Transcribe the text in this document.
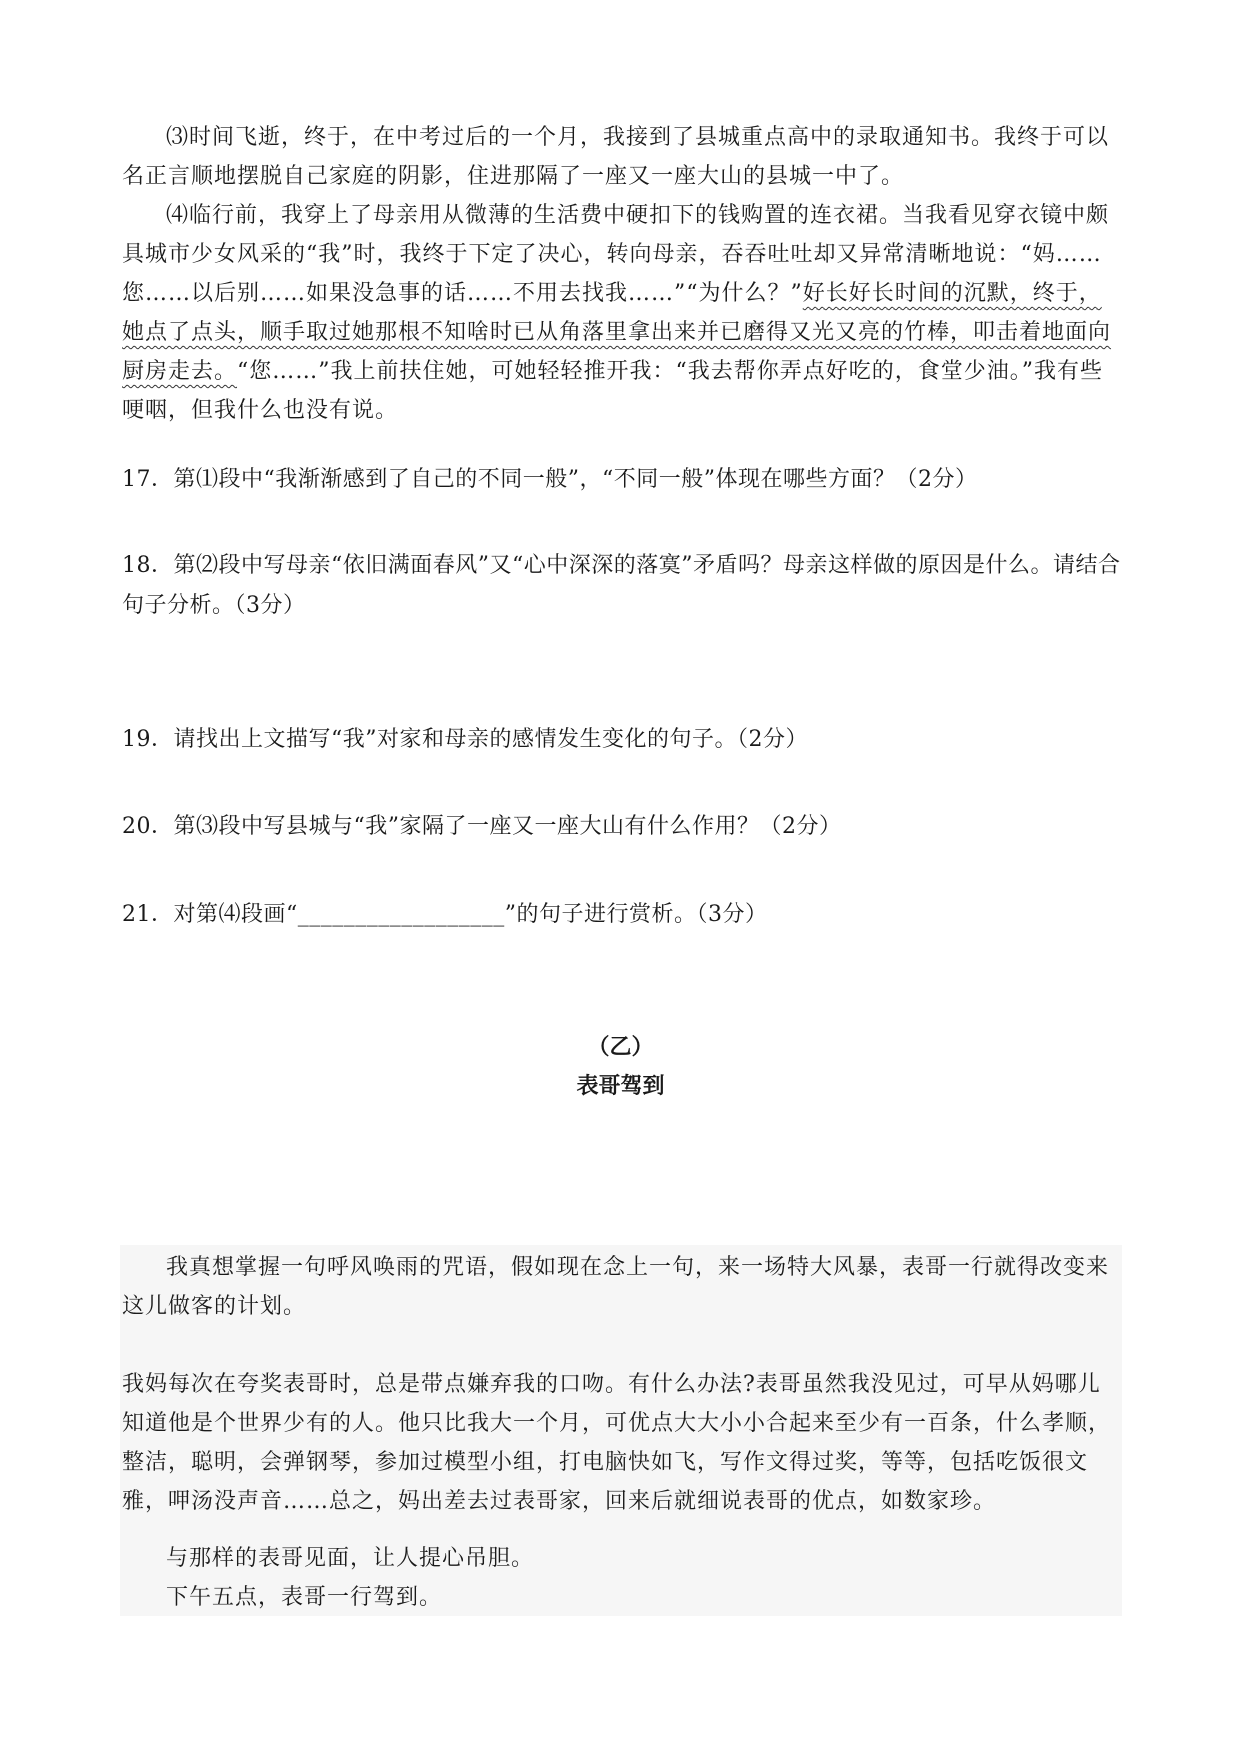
⑶时间飞逝，终于，在中考过后的一个月，我接到了县城重点高中的录取通知书。我终于可以名正言顺地摆脱自己家庭的阴影，住进那隔了一座又一座大山的县城一中了。

⑷临行前，我穿上了母亲用从微薄的生活费中硬扣下的钱购置的连衣裙。当我看见穿衣镜中颇具城市少女风采的“我”时，我终于下定了决心，转向母亲，吞吞吐吐却又异常清晰地说：“妈……您……以后别……如果没急事的话……不用去找我……”“为什么？”好长好长时间的沉默，终于，她点了点头，顺手取过她那根不知啥时已从角落里拿出来并已磨得又光又亮的竹棒，叩击着地面向厨房走去。“您……”我上前扶住她，可她轻轻推开我：“我去帮你弄点好吃的，食堂少油。”我有些哽咽，但我什么也没有说。

17．第⑴段中“我渐渐感到了自己的不同一般”，“不同一般”体现在哪些方面？（2分）

18．第⑵段中写母亲“依旧满面春风”又“心中深深的落寞”矛盾吗？母亲这样做的原因是什么。请结合句子分析。（3分）

19．请找出上文描写“我”对家和母亲的感情发生变化的句子。（2分）

20．第⑶段中写县城与“我”家隔了一座又一座大山有什么作用？（2分）

21．对第⑷段画“__________________”的句子进行赏析。（3分）

（乙）

表哥驾到

我真想掌握一句呼风唤雨的咒语，假如现在念上一句，来一场特大风暴，表哥一行就得改变来这儿做客的计划。

我妈每次在夸奖表哥时，总是带点嫌弃我的口吻。有什么办法?表哥虽然我没见过，可早从妈哪儿知道他是个世界少有的人。他只比我大一个月，可优点大大小小合起来至少有一百条，什么孝顺，整洁，聪明，会弹钢琴，参加过模型小组，打电脑快如飞，写作文得过奖，等等，包括吃饭很文雅，呷汤没声音……总之，妈出差去过表哥家，回来后就细说表哥的优点，如数家珍。

与那样的表哥见面，让人提心吊胆。

下午五点，表哥一行驾到。
